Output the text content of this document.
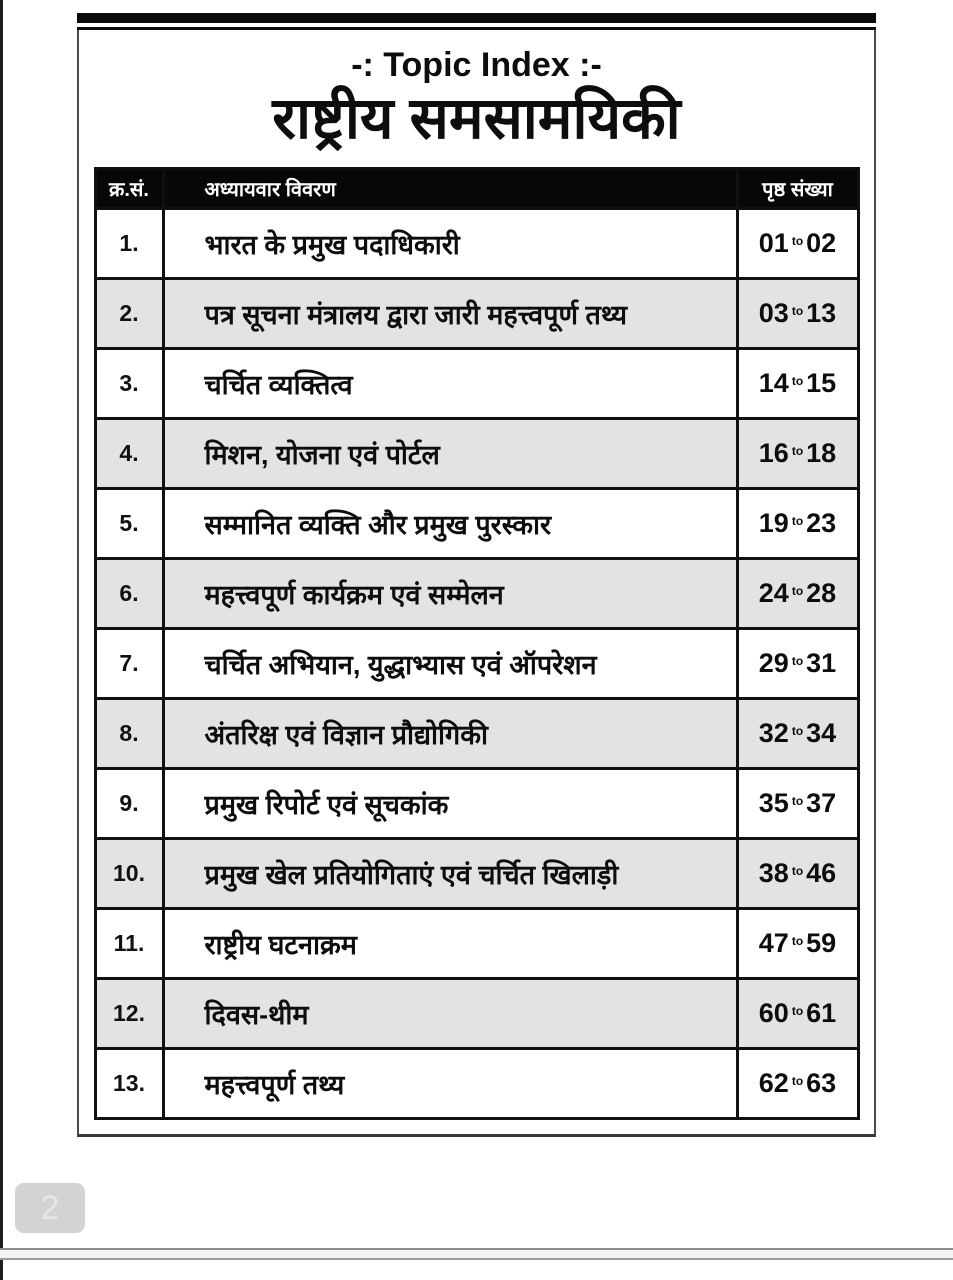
-: Topic Index :-
राष्ट्रीय समसामयिकी
क्र.सं.	अध्यायवार विवरण	पृष्ठ संख्या
1.	भारत के प्रमुख पदाधिकारी	01 $^{to}$ 02
2.	पत्र सूचना मंत्रालय द्वारा जारी महत्त्वपूर्ण तथ्य	03 $^{to}$ 13
3.	चर्चित व्यक्तित्व	14 $^{to}$ 15
4.	मिशन, योजना एवं पोर्टल	16 $^{to}$ 18
5.	सम्मानित व्यक्ति और प्रमुख पुरस्कार	19 $^{to}$ 23
6.	महत्त्वपूर्ण कार्यक्रम एवं सम्मेलन	24 $^{to}$ 28
7.	चर्चित अभियान, युद्धाभ्यास एवं ऑपरेशन	29 $^{to}$ 31
8.	अंतरिक्ष एवं विज्ञान प्रौद्योगिकी	32 $^{to}$ 34
9.	प्रमुख रिपोर्ट एवं सूचकांक	35 $^{to}$ 37
10.	प्रमुख खेल प्रतियोगिताएं एवं चर्चित खिलाड़ी	38 $^{to}$ 46
11.	राष्ट्रीय घटनाक्रम	47 $^{to}$ 59
12.	दिवस-थीम	60 $^{to}$ 61
13.	महत्त्वपूर्ण तथ्य	62 $^{to}$ 63
2
